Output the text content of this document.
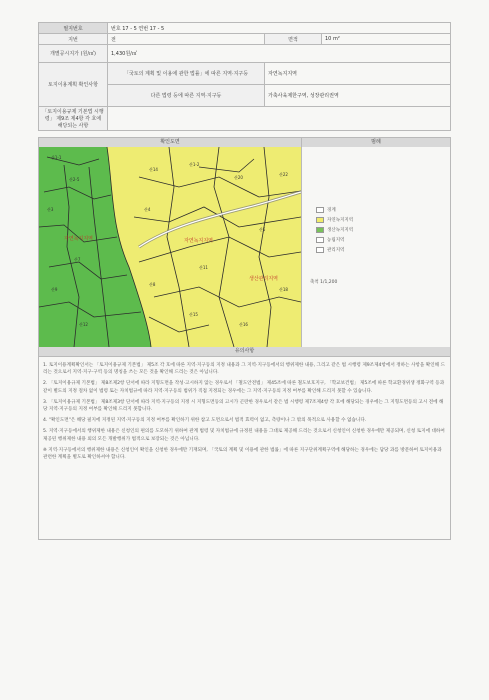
필지번호	번호 17 - 5 연번 17 - 5		
지번	전	면적	10 m²
개별공시지가 (원/㎡)	1,430원/㎡		
토지이용계획 확인사항	「국토의 계획 및 이용에 관한 법률」에 따른 지역·지구등	자연녹지지역	
	다른 법령 등에 따른 지역·지구등	가축사육제한구역, 성장관리권역	
「토지이용규제 기본법 시행령」 제9조 제4항 각 호에 해당되는 사항			
확인도면	범례
자연녹지지역	자연녹지지역
생산관리지역
산1-1
산2-5
산3
산7
산9
산12
산14
산1-2
산20
산22
산4
산5
산8
산11
산15
산16
산18
경계
자연녹지지역
생산녹지지역
농림지역
관리지역
축척 1/1,200
유의사항

1. 토지이용계획확인서는 「토지이용규제 기본법」 제5조 각 호에 따른 지역·지구등의 지정 내용과 그 지역·지구등에서의 행위제한 내용, 그리고 같은 법 시행령 제9조제4항에서 정하는 사항을 확인해 드리는 것으로서 지역·지구·구역 등의 명칭을 쓰는 모든 것을 확인해 드리는 것은 아닙니다.

2. 「토지이용규제 기본법」 제8조제2항 단서에 따라 지형도면을 작성·고시하지 않는 경우로서 「철도안전법」 제45조에 따른 철도보호지구, 「학교보건법」 제5조에 따른 학교환경위생 정화구역 등과 같이 별도의 지정 절차 없이 법령 또는 자치법규에 따라 지역·지구등의 범위가 직접 지정되는 경우에는 그 지역·지구등의 지정 여부를 확인해 드리지 못할 수 있습니다.

3. 「토지이용규제 기본법」 제8조제3항 단서에 따라 지역·지구등의 지정 시 지형도면등의 고시가 곤란한 경우로서 같은 법 시행령 제7조제4항 각 호에 해당되는 경우에는 그 지형도면등의 고시 전에 해당 지역·지구등의 지정 여부를 확인해 드리지 못합니다.

4. "확인도면"은 해당 필지에 지정된 지역·지구등의 지정 여부를 확인하기 위한 참고 도면으로서 법적 효력이 없고, 측량이나 그 밖의 목적으로 사용할 수 없습니다.

5. 지역·지구등에서의 행위제한 내용은 신청인의 편의를 도모하기 위하여 관계 법령 및 자치법규에 규정된 내용을 그대로 제공해 드리는 것으로서 신청인이 신청한 경우에만 제공되며, 신청 토지에 대하여 제공된 행위제한 내용 외의 모든 개발행위가 법적으로 보장되는 것은 아닙니다.

※ 지역·지구등에서의 행위제한 내용은 신청인이 확인을 신청한 경우에만 기재되며, 「국토의 계획 및 이용에 관한 법률」에 따른 지구단위계획구역에 해당하는 경우에는 담당 과를 방문하여 토지이용과 관련한 계획을 별도로 확인하셔야 합니다.
